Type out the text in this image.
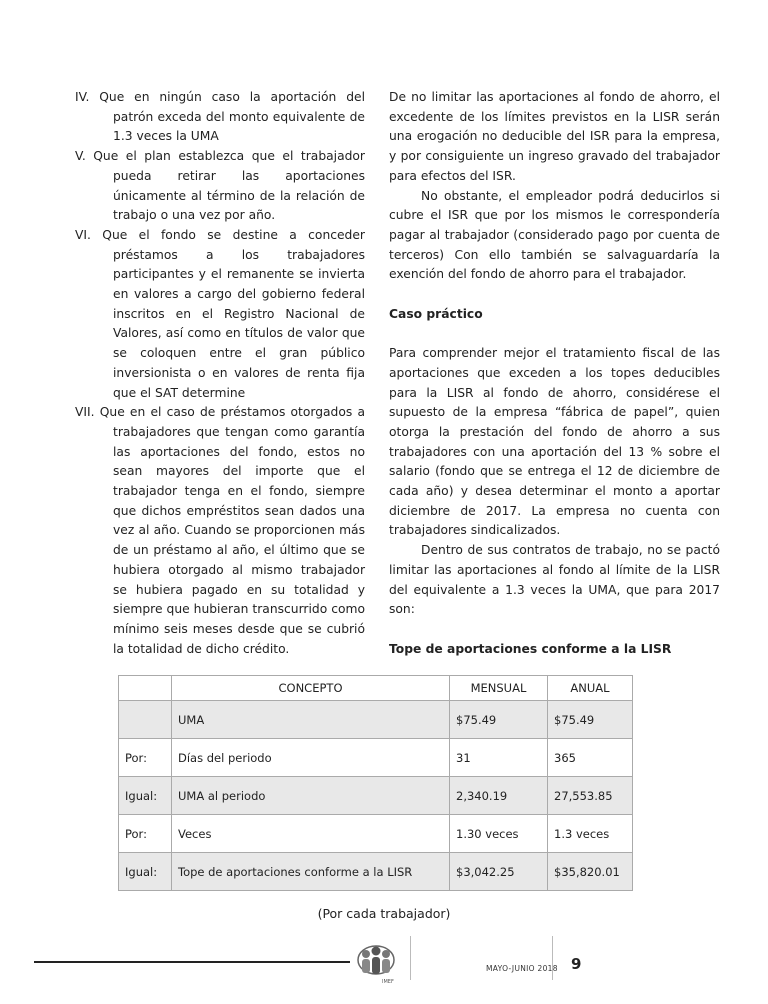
IV. Que en ningún caso la aportación del patrón exceda del monto equivalente de 1.3 veces la UMA
V. Que el plan establezca que el trabajador pueda retirar las aportaciones únicamente al término de la relación de trabajo o una vez por año.
VI. Que el fondo se destine a conceder préstamos a los trabajadores participantes y el remanente se invierta en valores a cargo del gobierno federal inscritos en el Registro Nacional de Valores, así como en títulos de valor que se coloquen entre el gran público inversionista o en valores de renta fija que el SAT determine
VII. Que en el caso de préstamos otorgados a trabajadores que tengan como garantía las aportaciones del fondo, estos no sean mayores del importe que el trabajador tenga en el fondo, siempre que dichos empréstitos sean dados una vez al año. Cuando se proporcionen más de un préstamo al año, el último que se hubiera otorgado al mismo trabajador se hubiera pagado en su totalidad y siempre que hubieran transcurrido como mínimo seis meses desde que se cubrió la totalidad de dicho crédito.

De no limitar las aportaciones al fondo de ahorro, el excedente de los límites previstos en la LISR serán una erogación no deducible del ISR para la empresa, y por consiguiente un ingreso gravado del trabajador para efectos del ISR.

No obstante, el empleador podrá deducirlos si cubre el ISR que por los mismos le correspondería pagar al trabajador (considerado pago por cuenta de terceros) Con ello también se salvaguardaría la exención del fondo de ahorro para el trabajador.

Caso práctico

Para comprender mejor el tratamiento fiscal de las aportaciones que exceden a los topes deducibles para la LISR al fondo de ahorro, considérese el supuesto de la empresa “fábrica de papel”, quien otorga la prestación del fondo de ahorro a sus trabajadores con una aportación del 13 % sobre el salario (fondo que se entrega el 12 de diciembre de cada año) y desea determinar el monto a aportar diciembre de 2017. La empresa no cuenta con trabajadores sindicalizados.

Dentro de sus contratos de trabajo, no se pactó limitar las aportaciones al fondo al límite de la LISR del equivalente a 1.3 veces la UMA, que para 2017 son:

Tope de aportaciones conforme a la LISR
	CONCEPTO	MENSUAL	ANUAL
	UMA	$75.49	$75.49
Por:	Días del periodo	31	365
Igual:	UMA al periodo	2,340.19	27,553.85
Por:	Veces	1.30 veces	1.3 veces
Igual:	Tope de aportaciones conforme a la LISR	$3,042.25	$35,820.01
(Por cada trabajador)
IMEF
MAYO-JUNIO 2018 9
